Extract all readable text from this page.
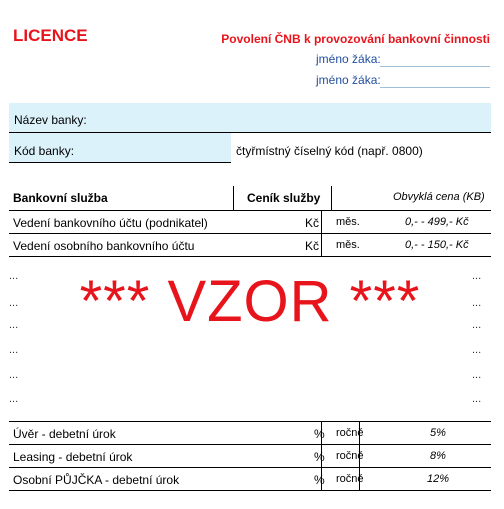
LICENCE	Povolení ČNB k provozování bankovní činnosti
jméno žáka:
jméno žáka:
Název banky:
Kód banky:	čtyřmístný číselný kód (např. 0800)
Bankovní služba	Ceník služby	Obvyklá cena (KB)
Vedení bankovního účtu (podnikatel)	Kč měs.	0,- - 499,- Kč
Vedení osobního bankovního účtu	Kč měs.	0,- - 150,- Kč
...	...
...	...
...	...
...	...
...	...
...	...
*** VZOR ***
Úvěr - debetní úrok	% ročně	5%
Leasing - debetní úrok	% ročně	8%
Osobní PŮJČKA - debetní úrok	% ročně	12%
